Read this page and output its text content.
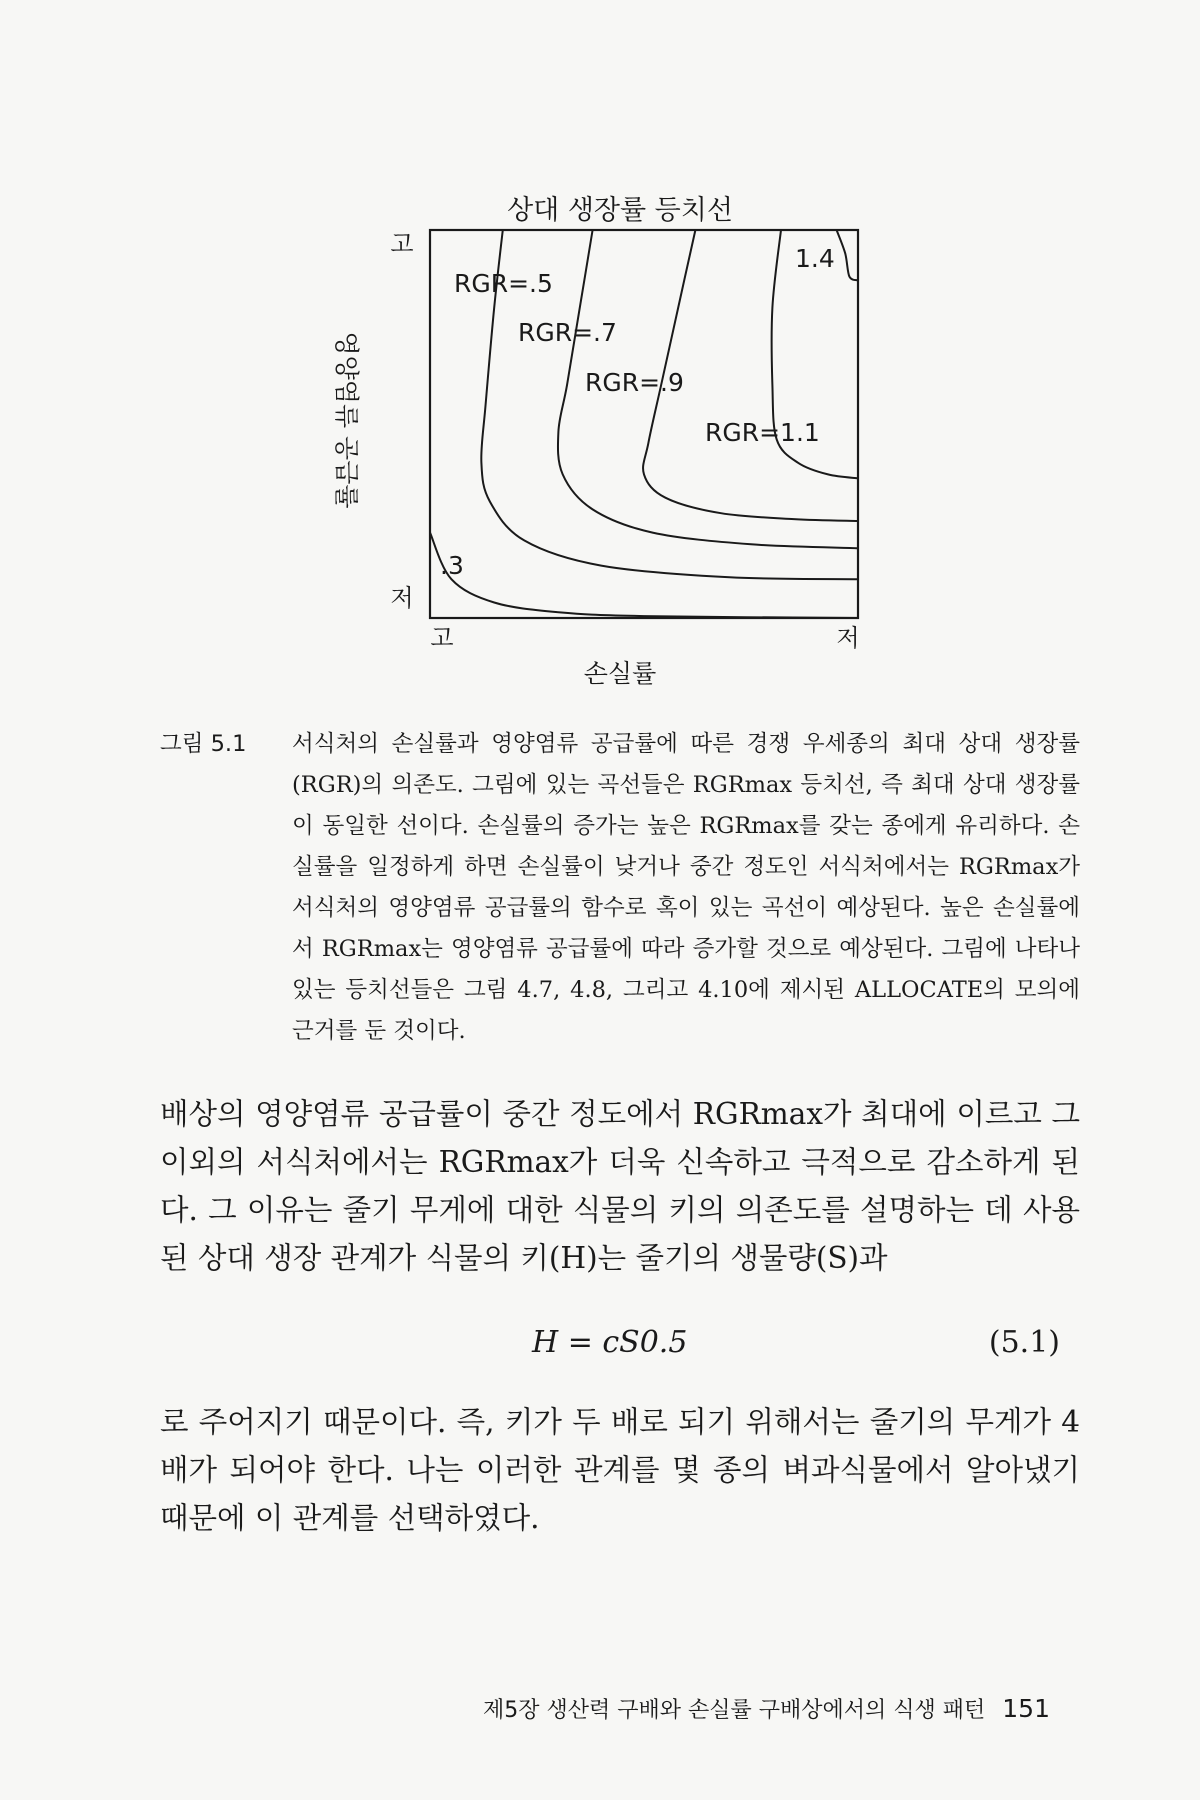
상대 생장률 등치선
.3
RGR=.5
RGR=.7
RGR=.9
RGR=1.1
1.4
고
저
고	저
영양염류 공급률
손실률
그림 5.1 서식처의 손실률과 영양염류 공급률에 따른 경쟁 우세종의 최대 상대 생장률(RGR)의 의존도. 그림에 있는 곡선들은 RGRmax 등치선, 즉 최대 상대 생장률이 동일한 선이다. 손실률의 증가는 높은 RGRmax를 갖는 종에게 유리하다. 손실률을 일정하게 하면 손실률이 낮거나 중간 정도인 서식처에서는 RGRmax가 서식처의 영양염류 공급률의 함수로 혹이 있는 곡선이 예상된다. 높은 손실률에서 RGRmax는 영양염류 공급률에 따라 증가할 것으로 예상된다. 그림에 나타나 있는 등치선들은 그림 4.7, 4.8, 그리고 4.10에 제시된 ALLOCATE의 모의에 근거를 둔 것이다.

배상의 영양염류 공급률이 중간 정도에서 RGRmax가 최대에 이르고 그 이외의 서식처에서는 RGRmax가 더욱 신속하고 극적으로 감소하게 된다. 그 이유는 줄기 무게에 대한 식물의 키의 의존도를 설명하는 데 사용된 상대 생장 관계가 식물의 키(H)는 줄기의 생물량(S)과

H = cS0.5	(5.1)

로 주어지기 때문이다. 즉, 키가 두 배로 되기 위해서는 줄기의 무게가 4배가 되어야 한다. 나는 이러한 관계를 몇 종의 벼과식물에서 알아냈기 때문에 이 관계를 선택하였다.

제5장 생산력 구배와 손실률 구배상에서의 식생 패턴 151
